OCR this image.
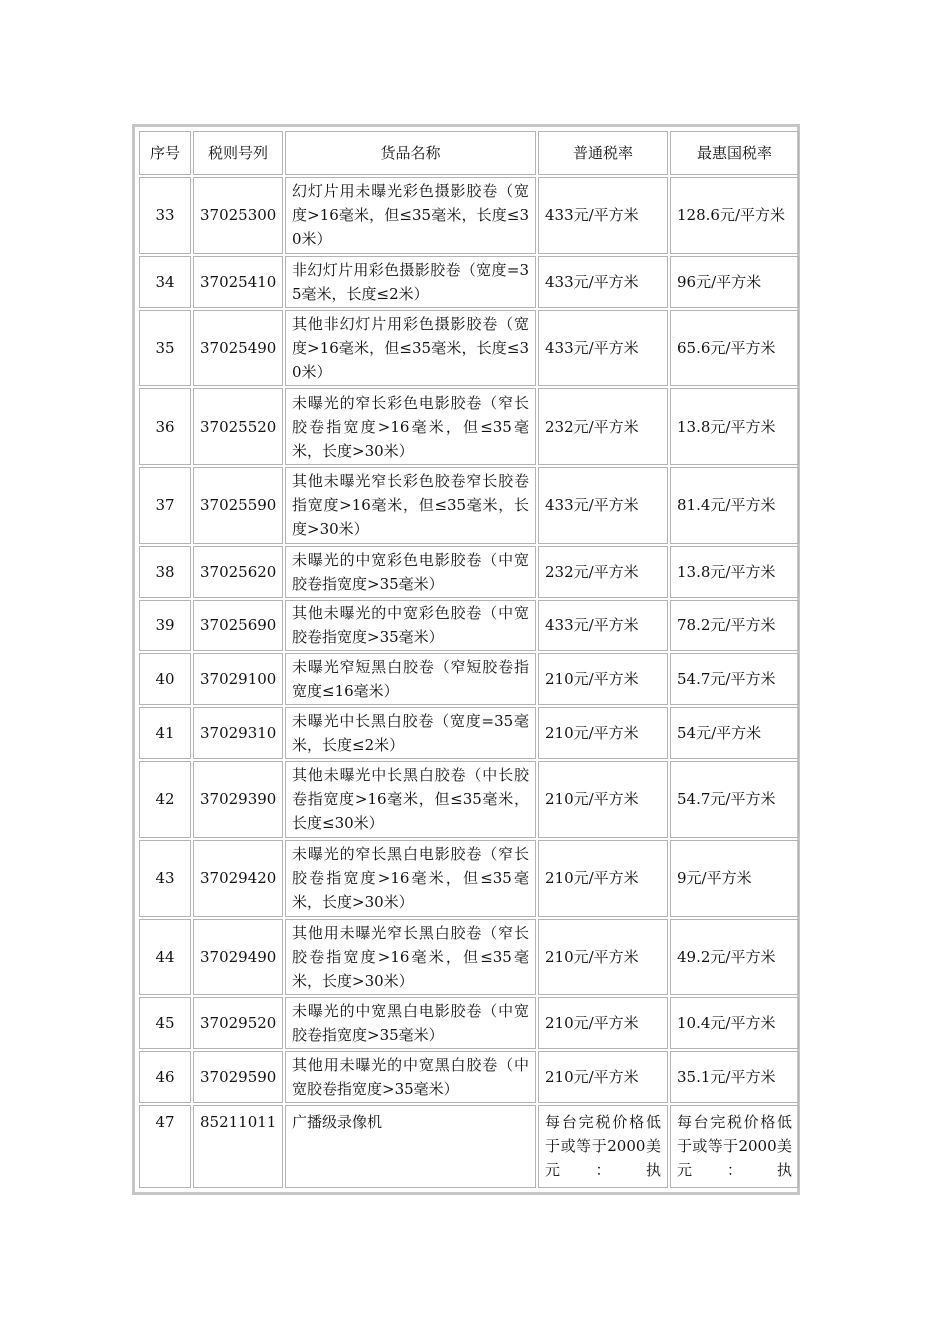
序号	税则号列	货品名称	普通税率	最惠国税率
33	37025300	幻灯片用未曝光彩色摄影胶卷（宽度>16毫米，但≤35毫米，长度≤30米）	433元/平方米	128.6元/平方米
34	37025410	非幻灯片用彩色摄影胶卷（宽度=35毫米，长度≤2米）	433元/平方米	96元/平方米
35	37025490	其他非幻灯片用彩色摄影胶卷（宽度>16毫米，但≤35毫米，长度≤30米）	433元/平方米	65.6元/平方米
36	37025520	未曝光的窄长彩色电影胶卷（窄长胶卷指宽度>16毫米，但≤35毫米，长度>30米）	232元/平方米	13.8元/平方米
37	37025590	其他未曝光窄长彩色胶卷窄长胶卷指宽度>16毫米，但≤35毫米，长度>30米）	433元/平方米	81.4元/平方米
38	37025620	未曝光的中宽彩色电影胶卷（中宽胶卷指宽度>35毫米）	232元/平方米	13.8元/平方米
39	37025690	其他未曝光的中宽彩色胶卷（中宽胶卷指宽度>35毫米）	433元/平方米	78.2元/平方米
40	37029100	未曝光窄短黑白胶卷（窄短胶卷指宽度≤16毫米）	210元/平方米	54.7元/平方米
41	37029310	未曝光中长黑白胶卷（宽度=35毫米，长度≤2米）	210元/平方米	54元/平方米
42	37029390	其他未曝光中长黑白胶卷（中长胶卷指宽度>16毫米，但≤35毫米，长度≤30米）	210元/平方米	54.7元/平方米
43	37029420	未曝光的窄长黑白电影胶卷（窄长胶卷指宽度>16毫米，但≤35毫米，长度>30米）	210元/平方米	9元/平方米
44	37029490	其他用未曝光窄长黑白胶卷（窄长胶卷指宽度>16毫米，但≤35毫米，长度>30米）	210元/平方米	49.2元/平方米
45	37029520	未曝光的中宽黑白电影胶卷（中宽胶卷指宽度>35毫米）	210元/平方米	10.4元/平方米
46	37029590	其他用未曝光的中宽黑白胶卷（中宽胶卷指宽度>35毫米）	210元/平方米	35.1元/平方米
47	85211011	广播级录像机	每台完税价格低于或等于2000美元：执	每台完税价格低于或等于2000美元：执
